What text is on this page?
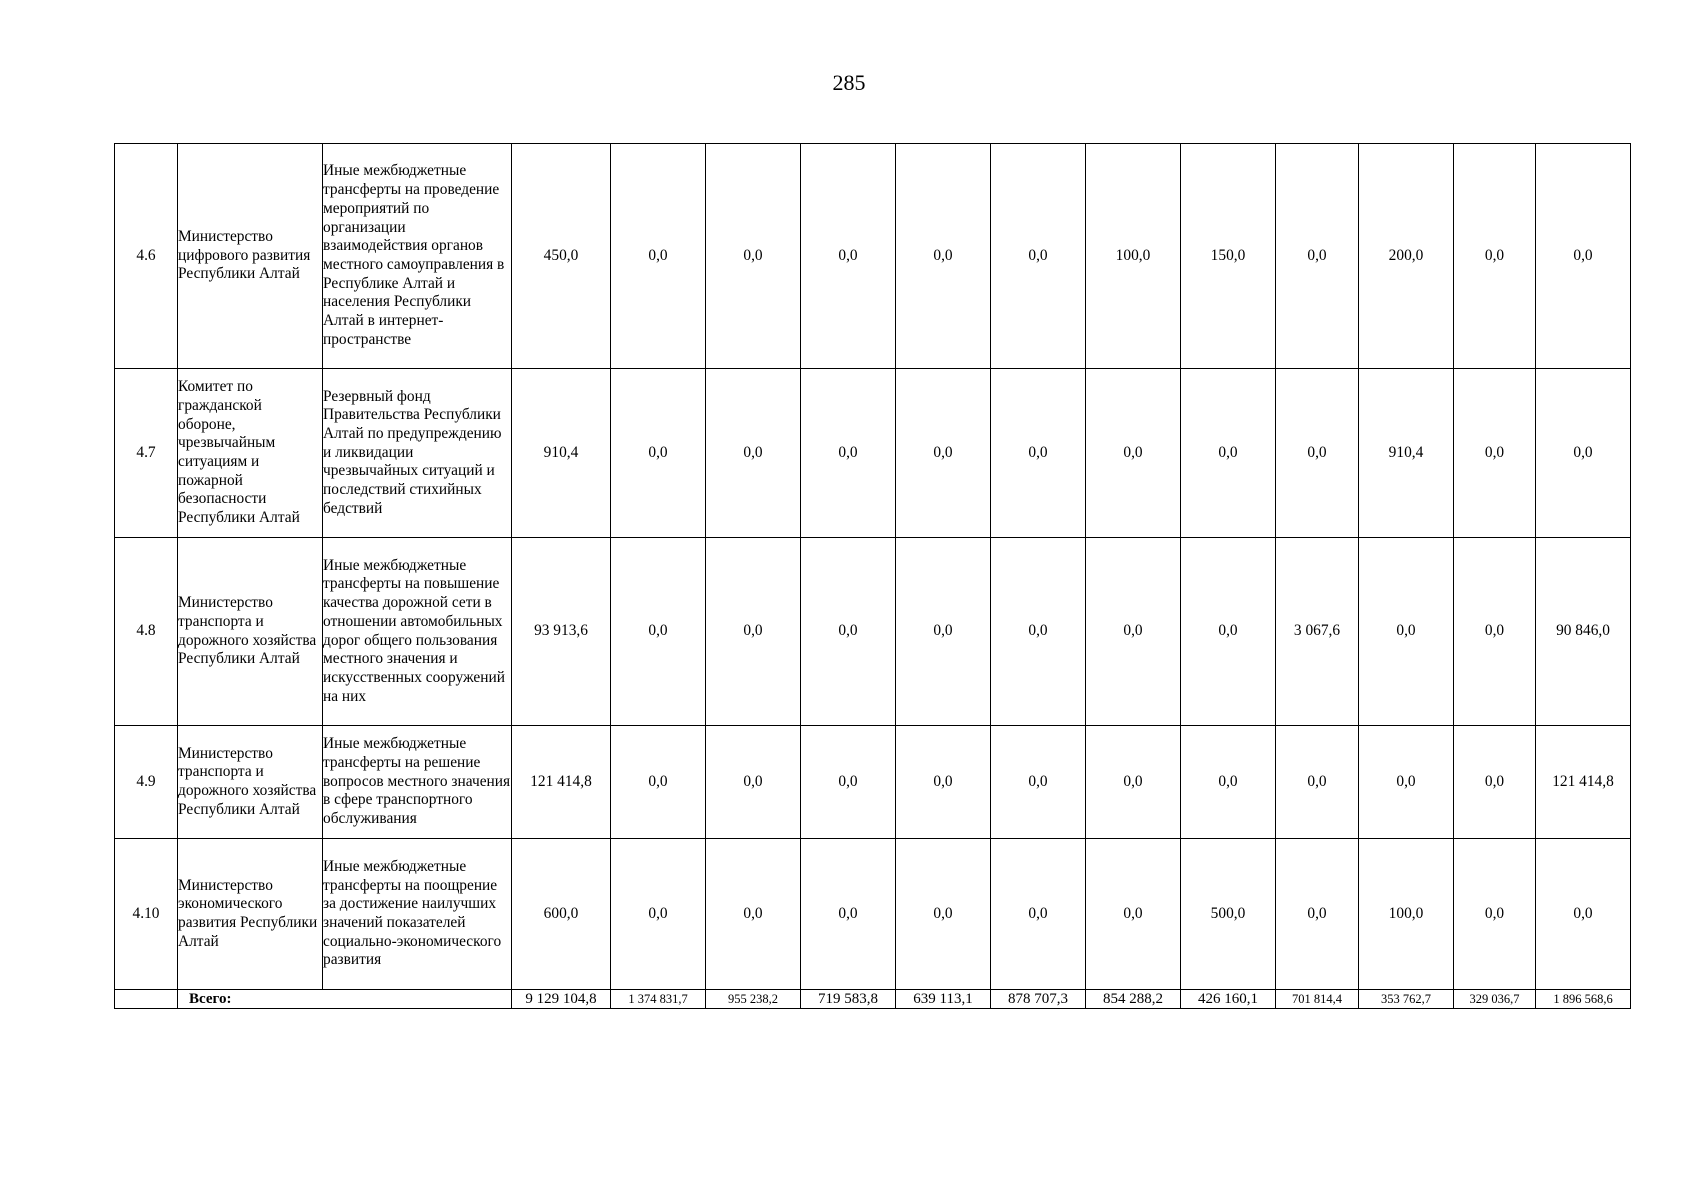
285
4.6	Министерство цифрового развития Республики Алтай	Иные межбюджетные трансферты на проведение мероприятий по организации взаимодействия органов местного самоуправления в Республике Алтай и населения Республики Алтай в интернет-пространстве	450,0	0,0	0,0	0,0	0,0	0,0	100,0	150,0	0,0	200,0	0,0	0,0
4.7	Комитет по гражданской обороне, чрезвычайным ситуациям и пожарной безопасности Республики Алтай	Резервный фонд Правительства Республики Алтай по предупреждению и ликвидации чрезвычайных ситуаций и последствий стихийных бедствий	910,4	0,0	0,0	0,0	0,0	0,0	0,0	0,0	0,0	910,4	0,0	0,0
4.8	Министерство транспорта и дорожного хозяйства Республики Алтай	Иные межбюджетные трансферты на повышение качества дорожной сети в отношении автомобильных дорог общего пользования местного значения и искусственных сооружений на них	93 913,6	0,0	0,0	0,0	0,0	0,0	0,0	0,0	3 067,6	0,0	0,0	90 846,0
4.9	Министерство транспорта и дорожного хозяйства Республики Алтай	Иные межбюджетные трансферты на решение вопросов местного значения в сфере транспортного обслуживания	121 414,8	0,0	0,0	0,0	0,0	0,0	0,0	0,0	0,0	0,0	0,0	121 414,8
4.10	Министерство экономического развития Республики Алтай	Иные межбюджетные трансферты на поощрение за достижение наилучших значений показателей социально-экономического развития	600,0	0,0	0,0	0,0	0,0	0,0	0,0	500,0	0,0	100,0	0,0	0,0
	Всего:		9 129 104,8	1 374 831,7	955 238,2	719 583,8	639 113,1	878 707,3	854 288,2	426 160,1	701 814,4	353 762,7	329 036,7	1 896 568,6
